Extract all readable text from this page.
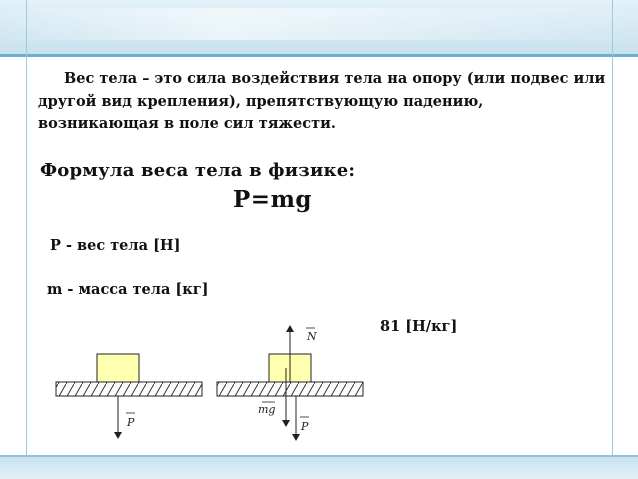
Вес тела – это сила воздействия тела на опору (или подвес или другой вид крепления), препятствующую падению, возникающая в поле сил тяжести.

Формула веса тела в физике:
P=mg
P - вес тела [Н]
m - масса тела [кг]
81 [Н/кг]
P
N
mg
P
